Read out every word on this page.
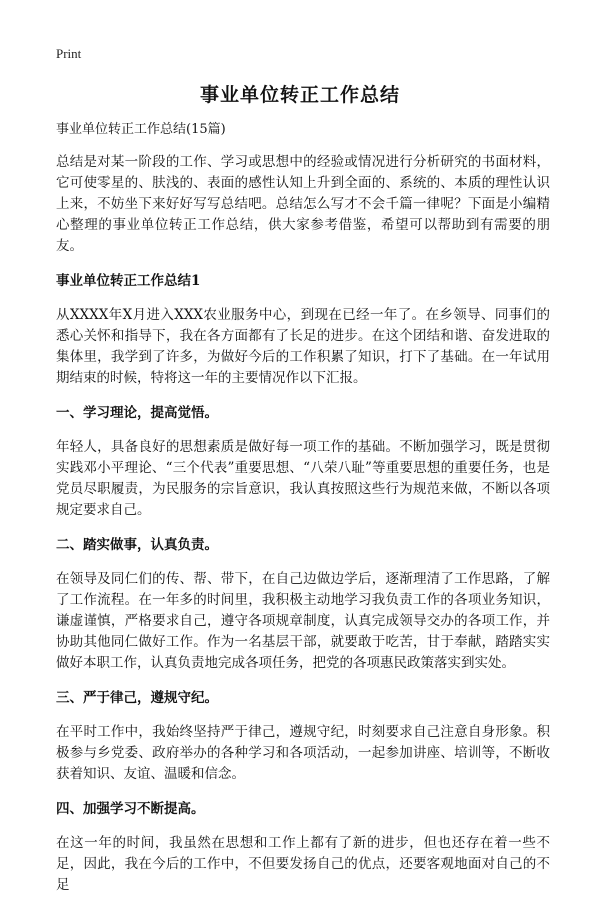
Print
事业单位转正工作总结
事业单位转正工作总结(15篇)

总结是对某一阶段的工作、学习或思想中的经验或情况进行分析研究的书面材料，它可使零星的、肤浅的、表面的感性认知上升到全面的、系统的、本质的理性认识上来，不妨坐下来好好写写总结吧。总结怎么写才不会千篇一律呢？下面是小编精心整理的事业单位转正工作总结，供大家参考借鉴，希望可以帮助到有需要的朋友。

事业单位转正工作总结1

从XXXX年X月进入XXX农业服务中心，到现在已经一年了。在乡领导、同事们的悉心关怀和指导下，我在各方面都有了长足的进步。在这个团结和谐、奋发进取的集体里，我学到了许多，为做好今后的工作积累了知识，打下了基础。在一年试用期结束的时候，特将这一年的主要情况作以下汇报。

一、学习理论，提高觉悟。

年轻人，具备良好的思想素质是做好每一项工作的基础。不断加强学习，既是贯彻实践邓小平理论、“三个代表”重要思想、“八荣八耻”等重要思想的重要任务，也是党员尽职履责，为民服务的宗旨意识，我认真按照这些行为规范来做，不断以各项规定要求自己。

二、踏实做事，认真负责。

在领导及同仁们的传、帮、带下，在自己边做边学后，逐渐理清了工作思路，了解了工作流程。在一年多的时间里，我积极主动地学习我负责工作的各项业务知识，谦虚谨慎，严格要求自己，遵守各项规章制度，认真完成领导交办的各项工作，并协助其他同仁做好工作。作为一名基层干部，就要敢于吃苦，甘于奉献，踏踏实实做好本职工作，认真负责地完成各项任务，把党的各项惠民政策落实到实处。

三、严于律己，遵规守纪。

在平时工作中，我始终坚持严于律己，遵规守纪，时刻要求自己注意自身形象。积极参与乡党委、政府举办的各种学习和各项活动，一起参加讲座、培训等，不断收获着知识、友谊、温暖和信念。

四、加强学习不断提高。

在这一年的时间，我虽然在思想和工作上都有了新的进步，但也还存在着一些不足，因此，我在今后的工作中，不但要发扬自己的优点，还要客观地面对自己的不足
